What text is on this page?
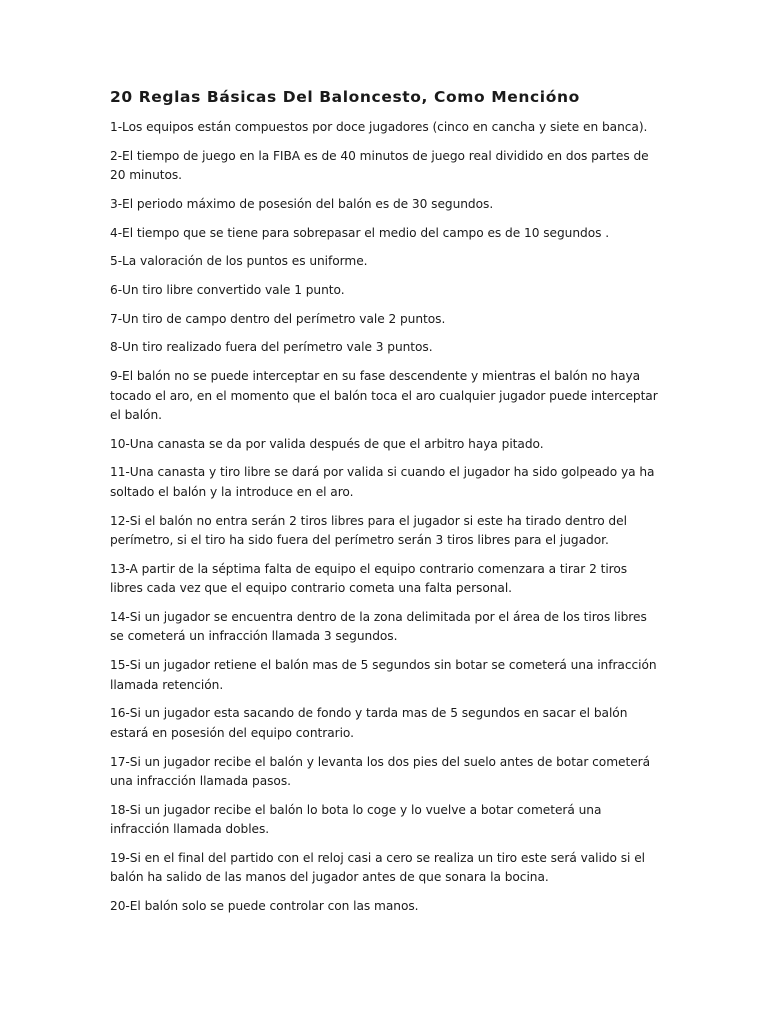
20 Reglas Básicas Del Baloncesto, Como Menciónо

1-Los equipos están compuestos por doce jugadores (cinco en cancha y siete en banca).

2-El tiempo de juego en la FIBA es de 40 minutos de juego real dividido en dos partes de 20 minutos.

3-El periodo máximo de posesión del balón es de 30 segundos.

4-El tiempo que se tiene para sobrepasar el medio del campo es de 10 segundos .

5-La valoración de los puntos es uniforme.

6-Un tiro libre convertido vale 1 punto.

7-Un tiro de campo dentro del perímetro vale 2 puntos.

8-Un tiro realizado fuera del perímetro vale 3 puntos.

9-El balón no se puede interceptar en su fase descendente y mientras el balón no haya tocado el aro, en el momento que el balón toca el aro cualquier jugador puede interceptar el balón.

10-Una canasta se da por valida después de que el arbitro haya pitado.

11-Una canasta y tiro libre se dará por valida si cuando el jugador ha sido golpeado ya ha soltado el balón y la introduce en el aro.

12-Si el balón no entra serán 2 tiros libres para el jugador si este ha tirado dentro del perímetro, si el tiro ha sido fuera del perímetro serán 3 tiros libres para el jugador.

13-A partir de la séptima falta de equipo el equipo contrario comenzara a tirar 2 tiros libres cada vez que el equipo contrario cometa una falta personal.

14-Si un jugador se encuentra dentro de la zona delimitada por el área de los tiros libres se cometerá un infracción llamada 3 segundos.

15-Si un jugador retiene el balón mas de 5 segundos sin botar se cometerá una infracción llamada retención.

16-Si un jugador esta sacando de fondo y tarda mas de 5 segundos en sacar el balón estará en posesión del equipo contrario.

17-Si un jugador recibe el balón y levanta los dos pies del suelo antes de botar cometerá una infracción llamada pasos.

18-Si un jugador recibe el balón lo bota lo coge y lo vuelve a botar cometerá una infracción llamada dobles.

19-Si en el final del partido con el reloj casi a cero se realiza un tiro este será valido si el balón ha salido de las manos del jugador antes de que sonara la bocina.

20-El balón solo se puede controlar con las manos.
